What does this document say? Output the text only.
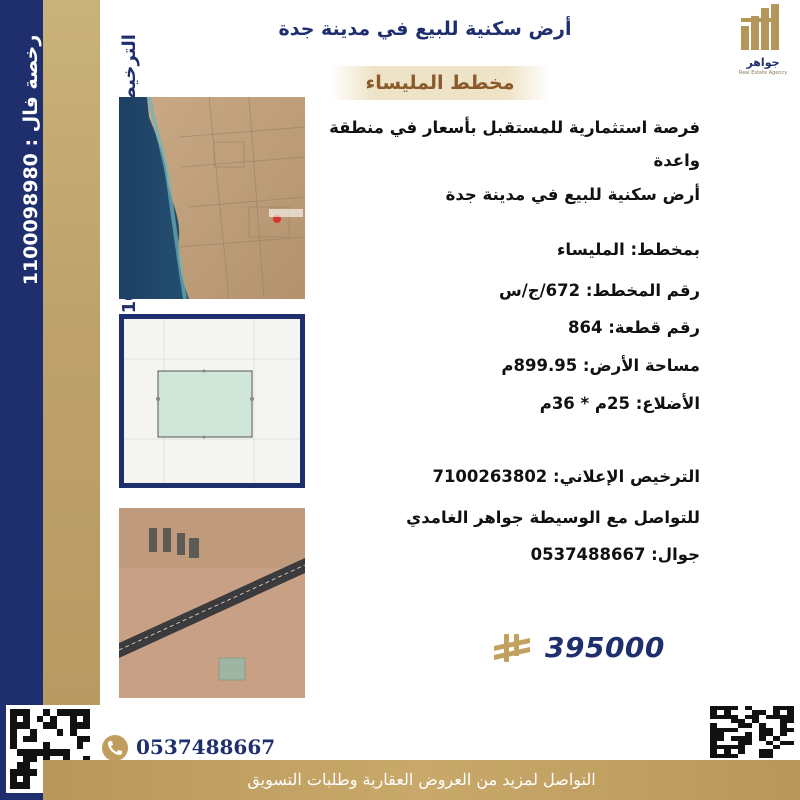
رخصة فال : 1100098980	جواهر
Real Estate Agency
أرض سكنية للبيع في مدينة جدة
مخطط المليساء
فرصة استثمارية للمستقبل بأسعار في منطقة
واعدة
أرض سكنية للبيع في مدينة جدة
بمخطط: المليساء
رقم المخطط: 672/ج/س
رقم قطعة: 864
مساحة الأرض: 899.95م
الأضلاع: 25م * 36م
الترخيص الإعلاني: 7100263802
للتواصل مع الوسيطة جواهر الغامدي
جوال: 0537488667
395000
0537488667
التواصل لمزيد من العروض العقارية وطلبات التسويق
